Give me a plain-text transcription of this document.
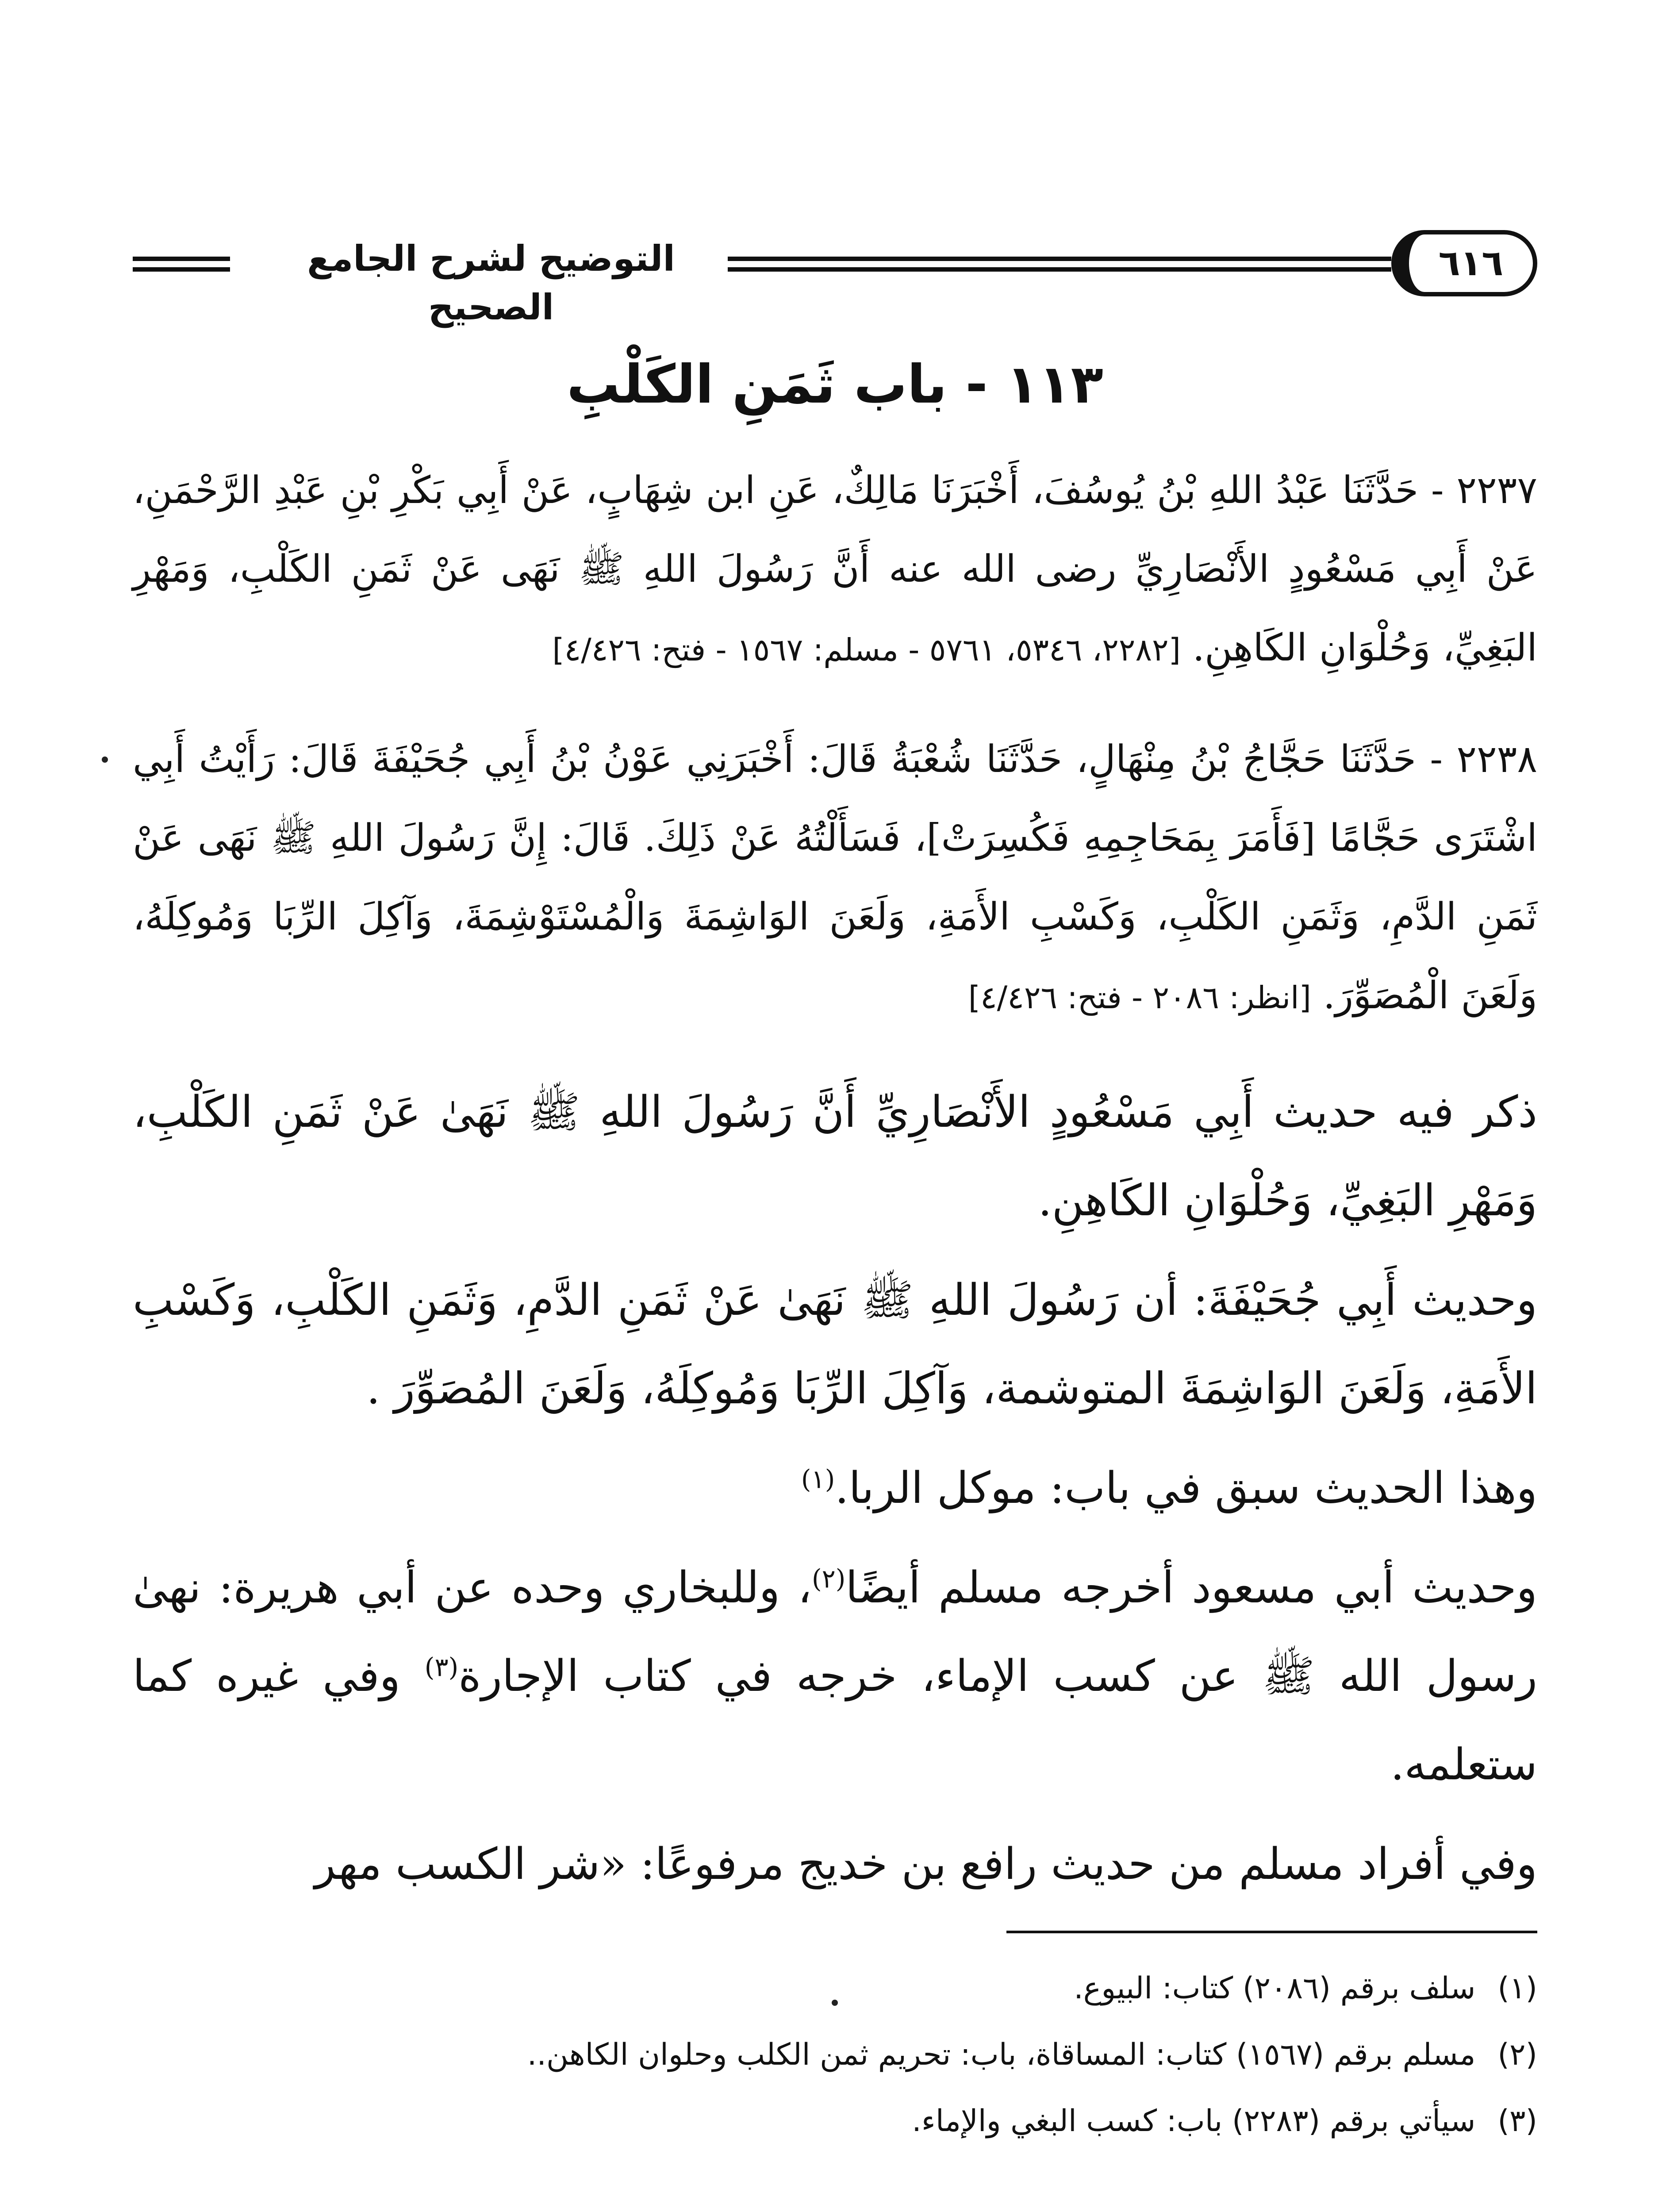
٦١٦
التوضيح لشرح الجامع الصحيح
١١٣ - باب ثَمَنِ الكَلْبِ

٢٢٣٧ - حَدَّثَنَا عَبْدُ اللهِ بْنُ يُوسُفَ، أَخْبَرَنَا مَالِكٌ، عَنِ ابن شِهَابٍ، عَنْ أَبِي بَكْرِ بْنِ عَبْدِ الرَّحْمَنِ، عَنْ أَبِي مَسْعُودٍ الأَنْصَارِيِّ رضى الله عنه أَنَّ رَسُولَ اللهِ ﷺ نَهَى عَنْ ثَمَنِ الكَلْبِ، وَمَهْرِ البَغِيِّ، وَحُلْوَانِ الكَاهِنِ. [٢٢٨٢، ٥٣٤٦، ٥٧٦١ - مسلم: ١٥٦٧ - فتح: ٤/٤٢٦]

٢٢٣٨ - حَدَّثَنَا حَجَّاجُ بْنُ مِنْهَالٍ، حَدَّثَنَا شُعْبَةُ قَالَ: أَخْبَرَنِي عَوْنُ بْنُ أَبِي جُحَيْفَةَ قَالَ: رَأَيْتُ أَبِي اشْتَرَى حَجَّامًا [فَأَمَرَ بِمَحَاجِمِهِ فَكُسِرَتْ]، فَسَأَلْتُهُ عَنْ ذَلِكَ. قَالَ: إِنَّ رَسُولَ اللهِ ﷺ نَهَى عَنْ ثَمَنِ الدَّمِ، وَثَمَنِ الكَلْبِ، وَكَسْبِ الأَمَةِ، وَلَعَنَ الوَاشِمَةَ وَالْمُسْتَوْشِمَةَ، وَآكِلَ الرِّبَا وَمُوكِلَهُ، وَلَعَنَ الْمُصَوِّرَ. [انظر: ٢٠٨٦ - فتح: ٤/٤٢٦]

ذكر فيه حديث أَبِي مَسْعُودٍ الأَنْصَارِيِّ أَنَّ رَسُولَ اللهِ ﷺ نَهَىٰ عَنْ ثَمَنِ الكَلْبِ، وَمَهْرِ البَغِيِّ، وَحُلْوَانِ الكَاهِنِ.

وحديث أَبِي جُحَيْفَةَ: أن رَسُولَ اللهِ ﷺ نَهَىٰ عَنْ ثَمَنِ الدَّمِ، وَثَمَنِ الكَلْبِ، وَكَسْبِ الأَمَةِ، وَلَعَنَ الوَاشِمَةَ المتوشمة، وَآكِلَ الرِّبَا وَمُوكِلَهُ، وَلَعَنَ المُصَوِّرَ .

وهذا الحديث سبق في باب: موكل الربا.$^{(١)}$

وحديث أبي مسعود أخرجه مسلم أيضًا$^{(٢)}$، وللبخاري وحده عن أبي هريرة: نهىٰ رسول الله ﷺ عن كسب الإماء، خرجه في كتاب الإجارة$^{(٣)}$ وفي غيره كما ستعلمه.

وفي أفراد مسلم من حديث رافع بن خديج مرفوعًا: «شر الكسب مهر

(١)سلف برقم (٢٠٨٦) كتاب: البيوع.
(٢)مسلم برقم (١٥٦٧) كتاب: المساقاة، باب: تحريم ثمن الكلب وحلوان الكاهن..
(٣)سيأتي برقم (٢٢٨٣) باب: كسب البغي والإماء.
